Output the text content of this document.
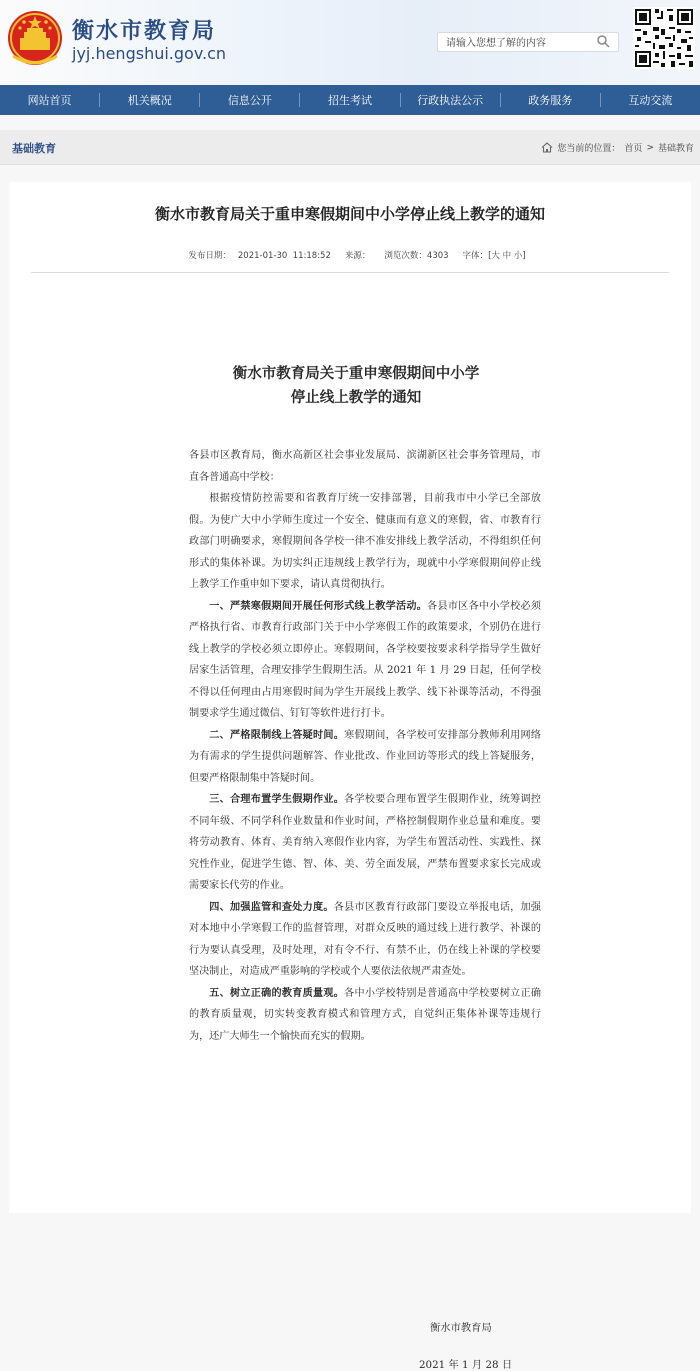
衡水市教育局
jyj.hengshui.gov.cn
请输入您想了解的内容
网站首页	机关概况	信息公开	招生考试	行政执法公示	政务服务	互动交流
基础教育	您当前的位置： 首页 > 基础教育
衡水市教育局关于重申寒假期间中小学停止线上教学的通知
发布日期： 2021-01-30  11:18:52 来源： 浏览次数：4303 字体：[大 中 小]
衡水市教育局关于重申寒假期间中小学
停止线上教学的通知

各县市区教育局，衡水高新区社会事业发展局、滨湖新区社会事务管理局，市直各普通高中学校：

根据疫情防控需要和省教育厅统一安排部署，目前我市中小学已全部放假。为使广大中小学师生度过一个安全、健康而有意义的寒假，省、市教育行政部门明确要求，寒假期间各学校一律不准安排线上教学活动，不得组织任何形式的集体补课。为切实纠正违规线上教学行为，现就中小学寒假期间停止线上教学工作重申如下要求，请认真贯彻执行。

一、严禁寒假期间开展任何形式线上教学活动。各县市区各中小学校必须严格执行省、市教育行政部门关于中小学寒假工作的政策要求，个别仍在进行线上教学的学校必须立即停止。寒假期间，各学校要按要求科学指导学生做好居家生活管理，合理安排学生假期生活。从 2021 年 1 月 29 日起，任何学校不得以任何理由占用寒假时间为学生开展线上教学、线下补课等活动，不得强制要求学生通过微信、钉钉等软件进行打卡。

二、严格限制线上答疑时间。寒假期间，各学校可安排部分教师利用网络为有需求的学生提供问题解答、作业批改、作业回访等形式的线上答疑服务，但要严格限制集中答疑时间。

三、合理布置学生假期作业。各学校要合理布置学生假期作业，统筹调控不同年级、不同学科作业数量和作业时间，严格控制假期作业总量和难度。要将劳动教育、体育、美育纳入寒假作业内容，为学生布置活动性、实践性、探究性作业，促进学生德、智、体、美、劳全面发展，严禁布置要求家长完成或需要家长代劳的作业。

四、加强监管和查处力度。各县市区教育行政部门要设立举报电话，加强对本地中小学寒假工作的监督管理，对群众反映的通过线上进行教学、补课的行为要认真受理，及时处理，对有令不行、有禁不止，仍在线上补课的学校要坚决制止，对造成严重影响的学校或个人要依法依规严肃查处。

五、树立正确的教育质量观。各中小学校特别是普通高中学校要树立正确的教育质量观，切实转变教育模式和管理方式，自觉纠正集体补课等违规行为，还广大师生一个愉快而充实的假期。

衡水市教育局
2021 年 1 月 28 日
